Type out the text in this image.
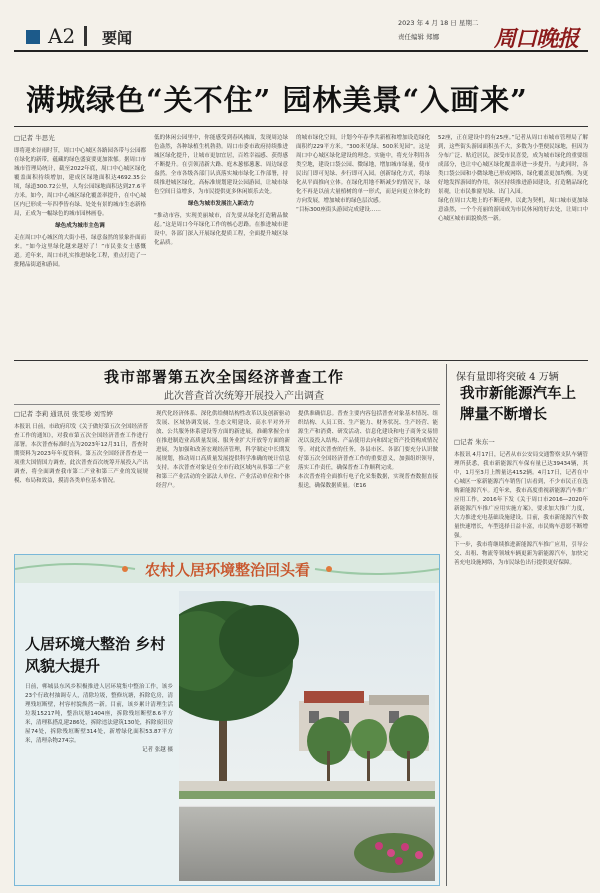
A2 要闻
2023 年 4 月 18 日 星期二
责任编辑 郑娜 周口晚报
满城绿色“关不住” 园林美景“入画来”
□记者 牛思光
即将迎来谷雨时节，周口中心城区各路园各带与公园都在绿化的新带，蕴藏的绿色盛宴要更加浓郁。据周口市城市管理局统计，截至2022年底，周口中心城区绿化覆盖面积持续增加，建成区绿地面积达4692.35公顷，绿道300.72公里，人均公园绿地面积达到27.6平方米。如今，周口中心城区绿化覆盖率提升，在中心城区内已形成一年四季皆有绿、处处有景的城市生态新格局，正成为一幅绿色的城市园林画卷。
绿色成为城市主色调
走在周口中心城区的大街小巷，绿意盎然的景象扑面而来。“如今这里绿化越来越好了！”市民张女士感慨道。近年来，周口市扎实推进绿化工程，重点打造了一批精品街道和游园。
低的休闲公园里中，你能感受到春风拂面，发现周边绿色盎然，各种绿植生机勃勃。周口市委市政府持续推进城区绿化提升，让城市更加宜居，百姓幸福感、获得感不断提升。在引领清新大路、庭木葱郁葱葱、周边绿意盎然。全市各级各部门认真落实城市绿化工作部署，持续推进城区绿化，高标准规划建设公园游园，让城市绿色空间日益增多，为市民提供更多休闲娱乐去处。
绿色为城市发展注入新动力
“推动市容，实现美丽城市，首先要从绿化打造精品做起。”这是周口今年绿化工作的核心思路。在推进城市建设中，各部门深入开展绿化提质工程，全面提升城区绿化品质。
的城市绿化空间，计划今年春季共新植和增加设造绿化面积约229平方米。“300米见绿、500米见园”。这是周口中心城区绿化建设的理念。实施中，将充分利用各类空地，建设口袋公园、微绿地，增加城市绿量，使市民出门即可见绿、步行即可入园。创新绿化方式，将绿化从平面推向立体。在绿化用地不断减少的情况下，绿化不再是以前大量植树的单一形式，而是向更立体化的方向发展，增加城市的绿色层次感。
“目标300座街头游园完成建设……
52座，正在建设中的有25座。”记者从周口市城市管理局了解到，这些街头游园面积虽不大，多数为小型便民绿地，但因为分布广泛、贴近居民，深受市民喜爱，成为城市绿化的重要组成部分，也让中心城区绿化覆盖率进一步提升。与此同时，各类口袋公园和小微绿地已形成网络，绿化覆盖更加均衡。为更好地发挥游园的作用，各区持续推进游园建设，打造精品绿化景观，让市民推窗见绿、出门入园。
绿化在周口大地上的不断延伸，以此为契机，周口城市更加绿意盎然，一个个亮丽的游园成为市民休闲的好去处，让周口中心城区城市面貌焕然一新。
我市部署第五次全国经济普查工作
此次普查首次统筹开展投入产出调查
□记者 李莉 通讯员 张雯珍 刘雪婷
本报讯 日前，市政府印发《关于做好第五次全国经济普查工作的通知》，对我市第五次全国经济普查工作进行部署。本次普查标准时点为2023年12月31日，普查时期资料为2023年年度资料。第五次全国经济普查是一项重大国情国力调查，此次普查首次统筹开展投入产出调查，将全面调查我市第二产业和第三产业的发展规模、布局和效益，摸清各类单位基本情况。
现代化经济体系、深化供给侧结构性改革以及创新驱动发展、区域协调发展、生态文明建设、高水平对外开放、公共服务体系建设等方面的新进展，准确掌握全市在推进制造业高质量发展、服务业扩大开放等方面的新进展，为加强和改善宏观经济管理，科学制定中长期发展规划，推动周口高质量发展提供科学准确的统计信息支持。本次普查对象是在全市行政区域内从事第二产业和第三产业活动的全部法人单位、产业活动单位和个体经营户。
提供准确信息。普查主要内容包括普查对象基本情况、组织结构、人员工资、生产能力、财务状况、生产经营、能源生产和消费、研发活动、信息化建设和电子商务交易情况以及投入结构、产品使用去向和固定资产投资构成情况等。对此次普查的任务，各县市区、各部门要充分认识做好第五次全国经济普查工作的重要意义，加强组织领导，落实工作责任，确保普查工作顺利完成。
本次普查将全面推行电子化采集数据，实现普查数据直接报送，确保数据质量。（E16
保有量即将突破 4 万辆
我市新能源汽车上牌量不断增长
□记者 朱东一
本报讯 4月17日，记者从市公安局交通警察支队车辆管理所获悉，我市新能源汽车保有量已达39434辆，其中，1月至3月上牌量达4152辆。4月17日，记者在中心城区一家新能源汽车销售门店看到，不少市民正在选购新能源汽车。近年来，我市高度重视新能源汽车推广应用工作，2016年下发《关于周口市2016—2020年新能源汽车推广应用实施方案》，要求加大推广力度，大力推进充电基础设施建设。目前，我市新能源汽车数量快速增长，车型选择日益丰富，市民购车意愿不断增强。
下一步，我市将继续推进新能源汽车推广应用，引导公交、出租、物流等领域车辆更新为新能源汽车，加快完善充电设施网络，为市民绿色出行提供更好保障。
农村人居环境整治回头看
人居环境大整治 乡村风貌大提升
日前，郸城县东风乡积极推进人居环境集中整治工作，该乡23个行政村抽调专人，清除垃圾，整修坑塘，拆除危房，清理残垣断壁，村容村貌焕然一新。目前，该乡累计清理生活垃圾15217吨，整治坑塘1404座，拆除残垣断壁8.6平方米，清理私搭乱建286处，拆除违法建筑130处，拆除废旧房屋74处，拆除残垣断壁314处，新增绿化面积53.87平方米，清理杂物274宗。
记者 张越 摄
